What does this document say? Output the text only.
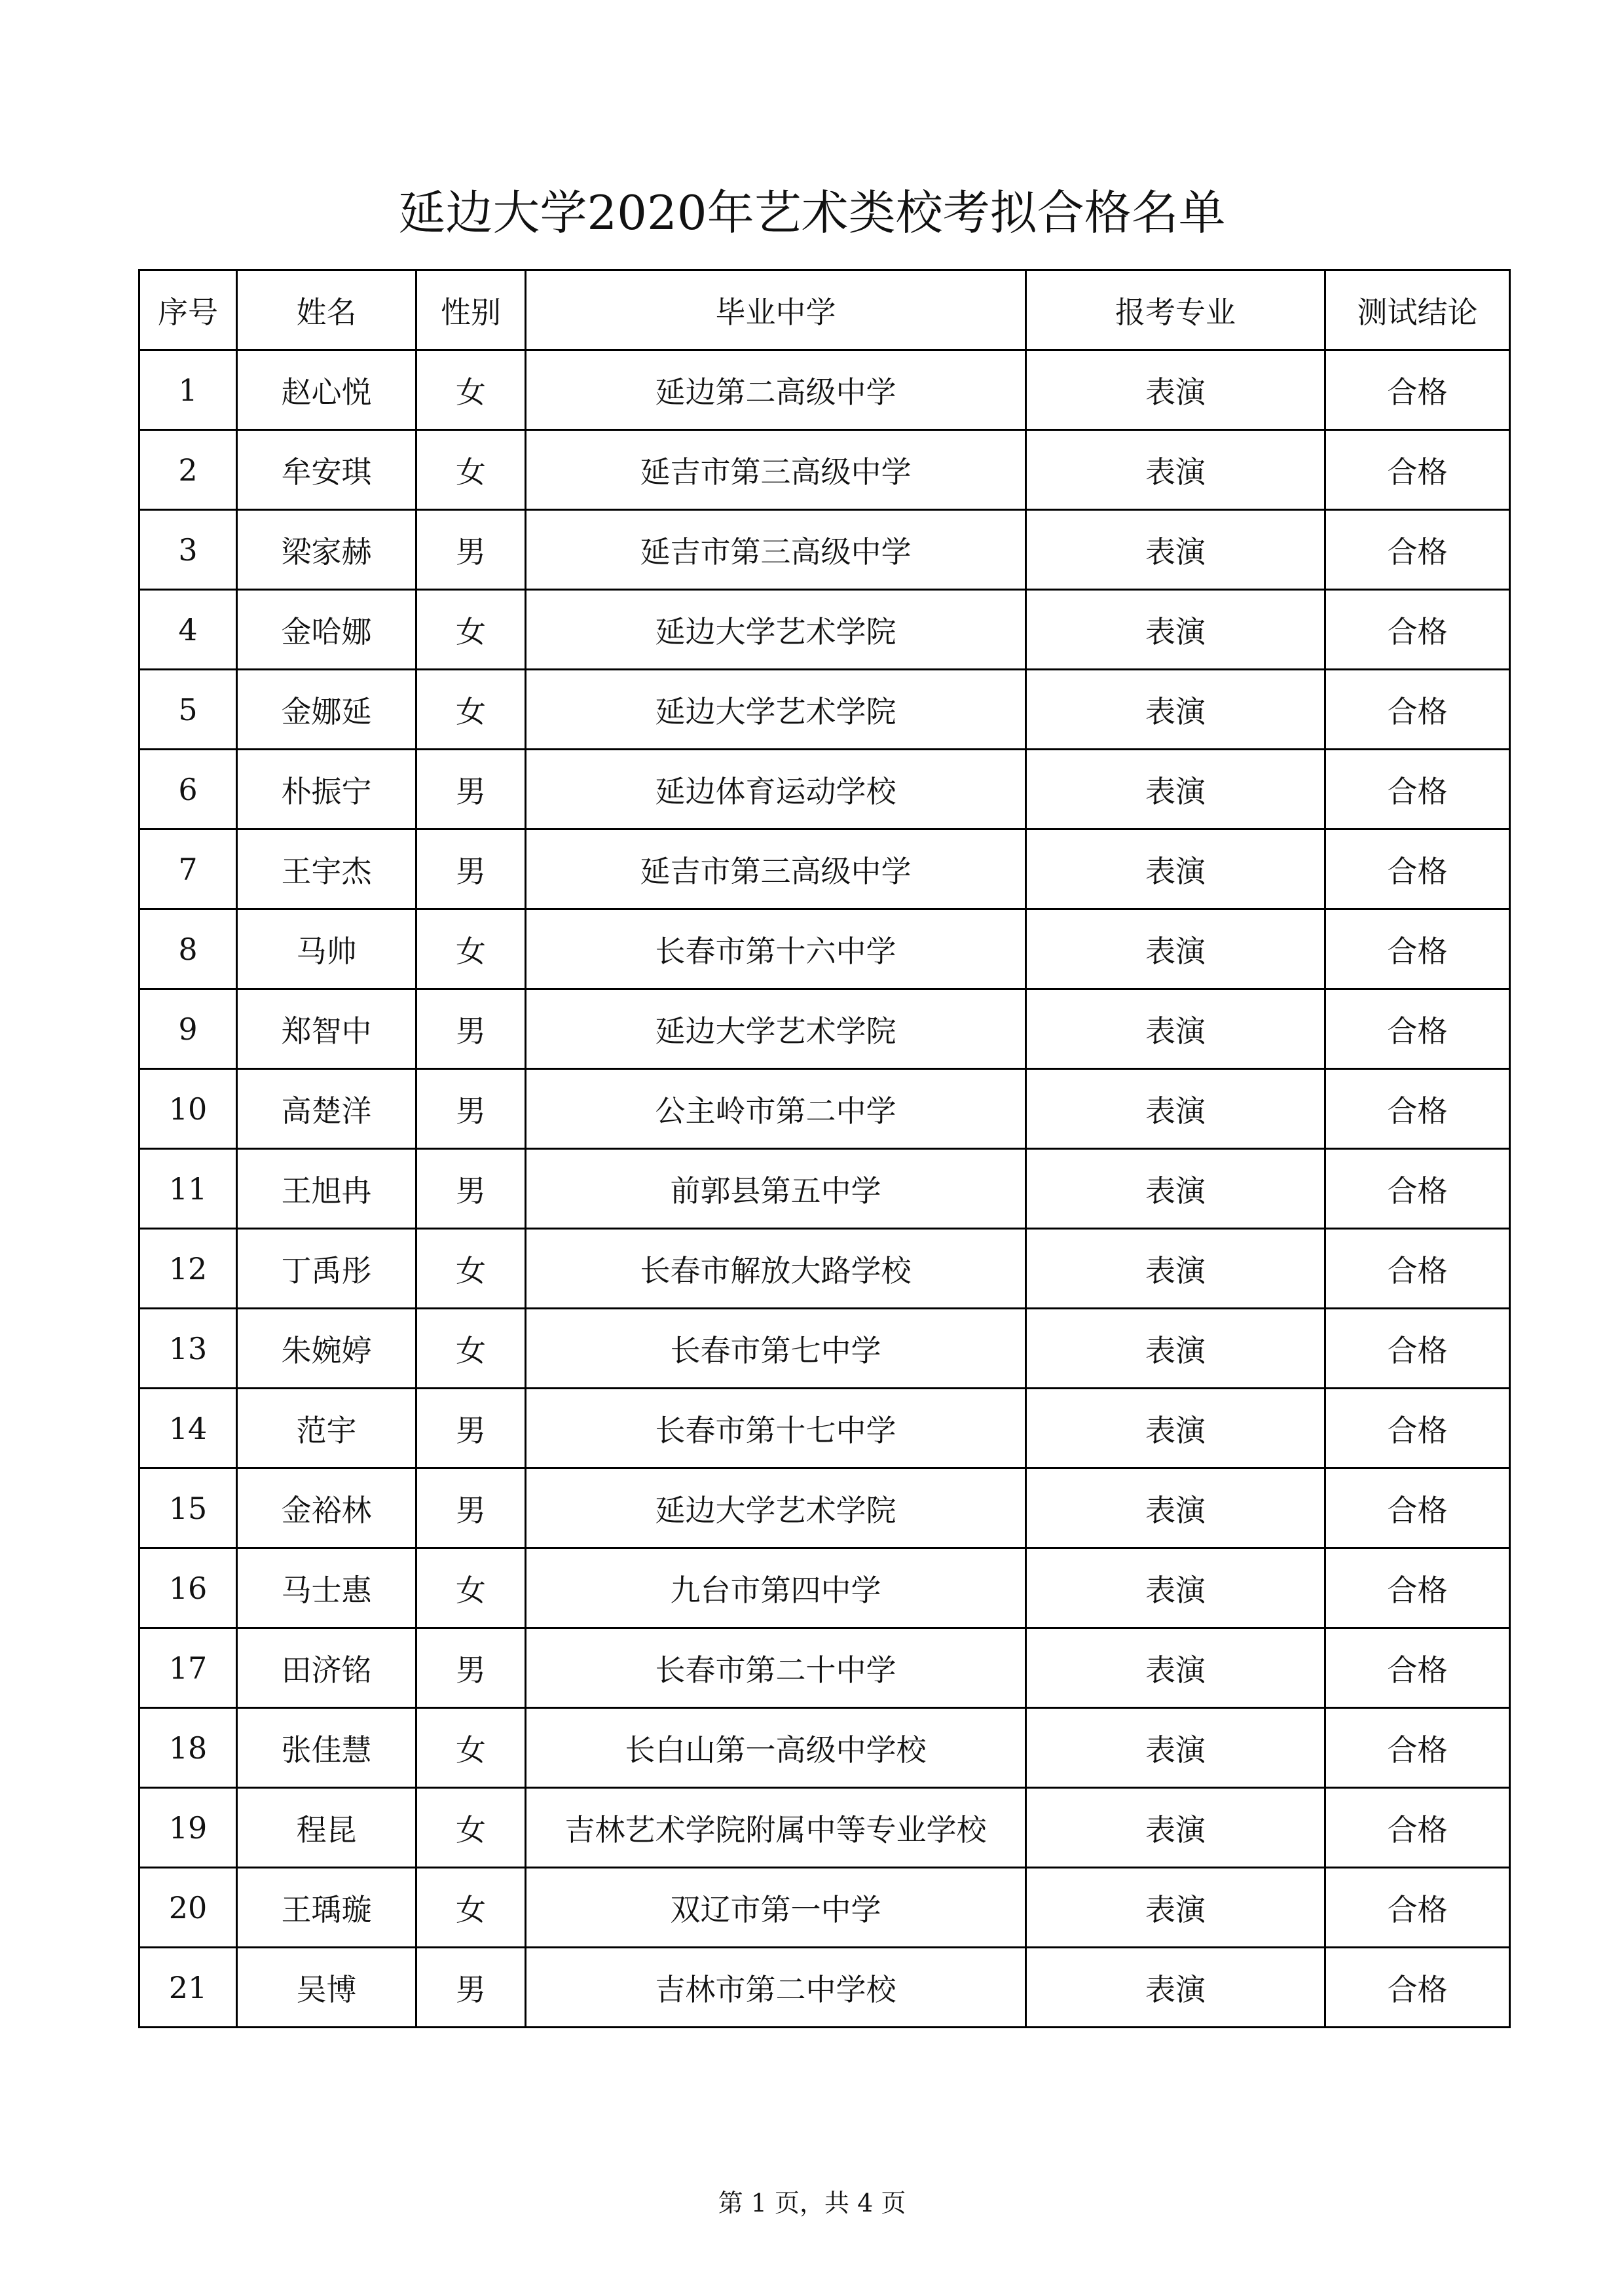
延边大学2020年艺术类校考拟合格名单
序号	姓名	性别	毕业中学	报考专业	测试结论
1	赵心悦	女	延边第二高级中学	表演	合格
2	牟安琪	女	延吉市第三高级中学	表演	合格
3	梁家赫	男	延吉市第三高级中学	表演	合格
4	金哈娜	女	延边大学艺术学院	表演	合格
5	金娜延	女	延边大学艺术学院	表演	合格
6	朴振宁	男	延边体育运动学校	表演	合格
7	王宇杰	男	延吉市第三高级中学	表演	合格
8	马帅	女	长春市第十六中学	表演	合格
9	郑智中	男	延边大学艺术学院	表演	合格
10	高楚洋	男	公主岭市第二中学	表演	合格
11	王旭冉	男	前郭县第五中学	表演	合格
12	丁禹彤	女	长春市解放大路学校	表演	合格
13	朱婉婷	女	长春市第七中学	表演	合格
14	范宇	男	长春市第十七中学	表演	合格
15	金裕林	男	延边大学艺术学院	表演	合格
16	马士惠	女	九台市第四中学	表演	合格
17	田济铭	男	长春市第二十中学	表演	合格
18	张佳慧	女	长白山第一高级中学校	表演	合格
19	程昆	女	吉林艺术学院附属中等专业学校	表演	合格
20	王瑀璇	女	双辽市第一中学	表演	合格
21	吴博	男	吉林市第二中学校	表演	合格
第 1 页，共 4 页
